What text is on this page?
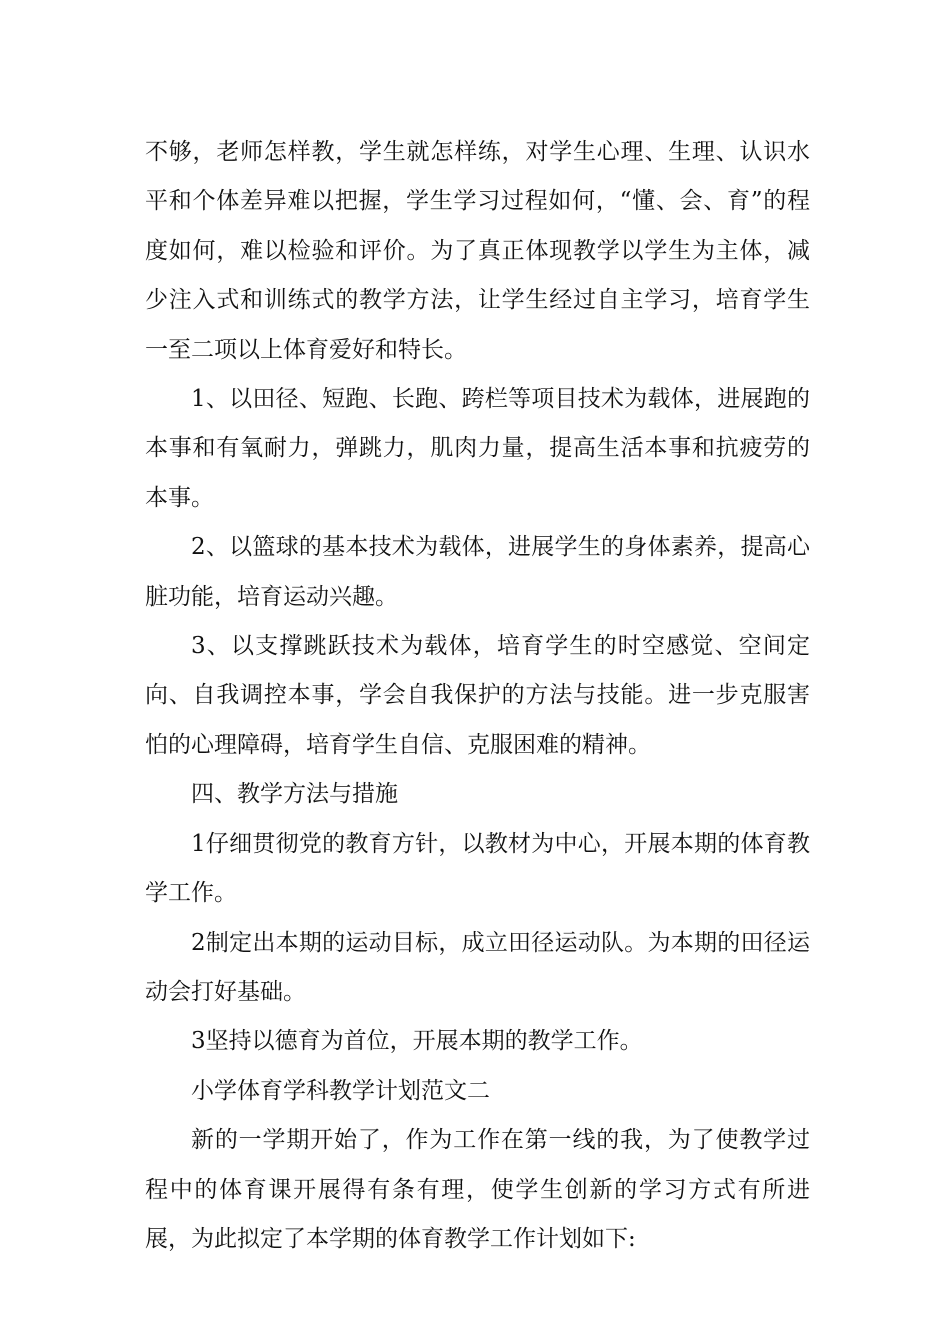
不够，老师怎样教，学生就怎样练，对学生心理、生理、认识水平和个体差异难以把握，学生学习过程如何，“懂、会、育”的程度如何，难以检验和评价。为了真正体现教学以学生为主体，减少注入式和训练式的教学方法，让学生经过自主学习，培育学生一至二项以上体育爱好和特长。

1、以田径、短跑、长跑、跨栏等项目技术为载体，进展跑的本事和有氧耐力，弹跳力，肌肉力量，提高生活本事和抗疲劳的本事。

2、以篮球的基本技术为载体，进展学生的身体素养，提高心脏功能，培育运动兴趣。

3、以支撑跳跃技术为载体，培育学生的时空感觉、空间定向、自我调控本事，学会自我保护的方法与技能。进一步克服害怕的心理障碍，培育学生自信、克服困难的精神。

四、教学方法与措施

1仔细贯彻党的教育方针，以教材为中心，开展本期的体育教学工作。

2制定出本期的运动目标，成立田径运动队。为本期的田径运动会打好基础。

3坚持以德育为首位，开展本期的教学工作。

小学体育学科教学计划范文二

新的一学期开始了，作为工作在第一线的我，为了使教学过程中的体育课开展得有条有理，使学生创新的学习方式有所进展，为此拟定了本学期的体育教学工作计划如下:
